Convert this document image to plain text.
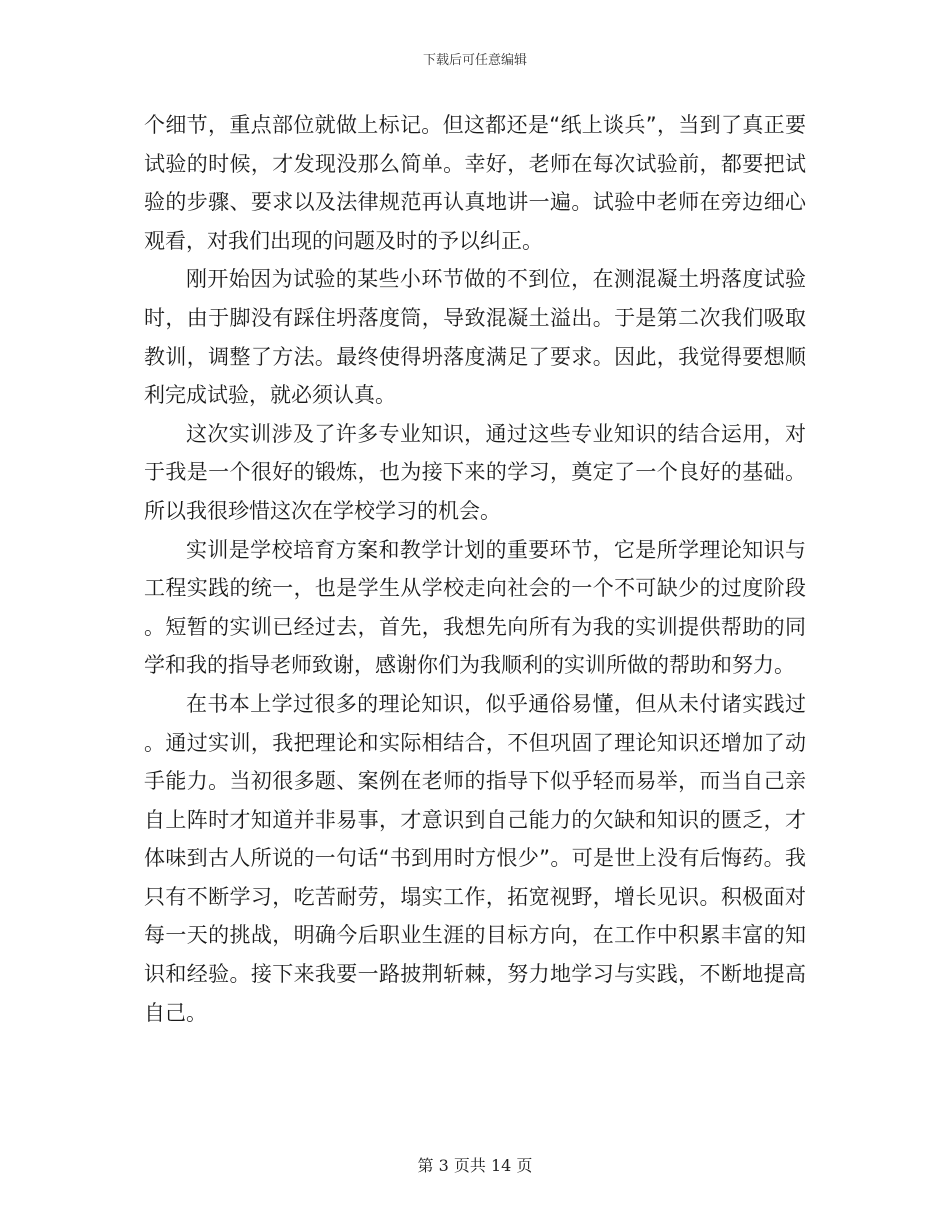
下载后可任意编辑

个细节，重点部位就做上标记。但这都还是“纸上谈兵”，当到了真正要试验的时候，才发现没那么简单。幸好，老师在每次试验前，都要把试验的步骤、要求以及法律规范再认真地讲一遍。试验中老师在旁边细心观看，对我们出现的问题及时的予以纠正。

刚开始因为试验的某些小环节做的不到位，在测混凝土坍落度试验时，由于脚没有踩住坍落度筒，导致混凝土溢出。于是第二次我们吸取教训，调整了方法。最终使得坍落度满足了要求。因此，我觉得要想顺利完成试验，就必须认真。

这次实训涉及了许多专业知识，通过这些专业知识的结合运用，对于我是一个很好的锻炼，也为接下来的学习，奠定了一个良好的基础。所以我很珍惜这次在学校学习的机会。

实训是学校培育方案和教学计划的重要环节，它是所学理论知识与工程实践的统一，也是学生从学校走向社会的一个不可缺少的过度阶段。短暂的实训已经过去，首先，我想先向所有为我的实训提供帮助的同学和我的指导老师致谢，感谢你们为我顺利的实训所做的帮助和努力。

在书本上学过很多的理论知识，似乎通俗易懂，但从未付诸实践过。通过实训，我把理论和实际相结合，不但巩固了理论知识还增加了动手能力。当初很多题、案例在老师的指导下似乎轻而易举，而当自己亲自上阵时才知道并非易事，才意识到自己能力的欠缺和知识的匮乏，才体味到古人所说的一句话“书到用时方恨少”。可是世上没有后悔药。我只有不断学习，吃苦耐劳，塌实工作，拓宽视野，增长见识。积极面对每一天的挑战，明确今后职业生涯的目标方向，在工作中积累丰富的知识和经验。接下来我要一路披荆斩棘，努力地学习与实践，不断地提高自己。

第 3 页共 14 页
